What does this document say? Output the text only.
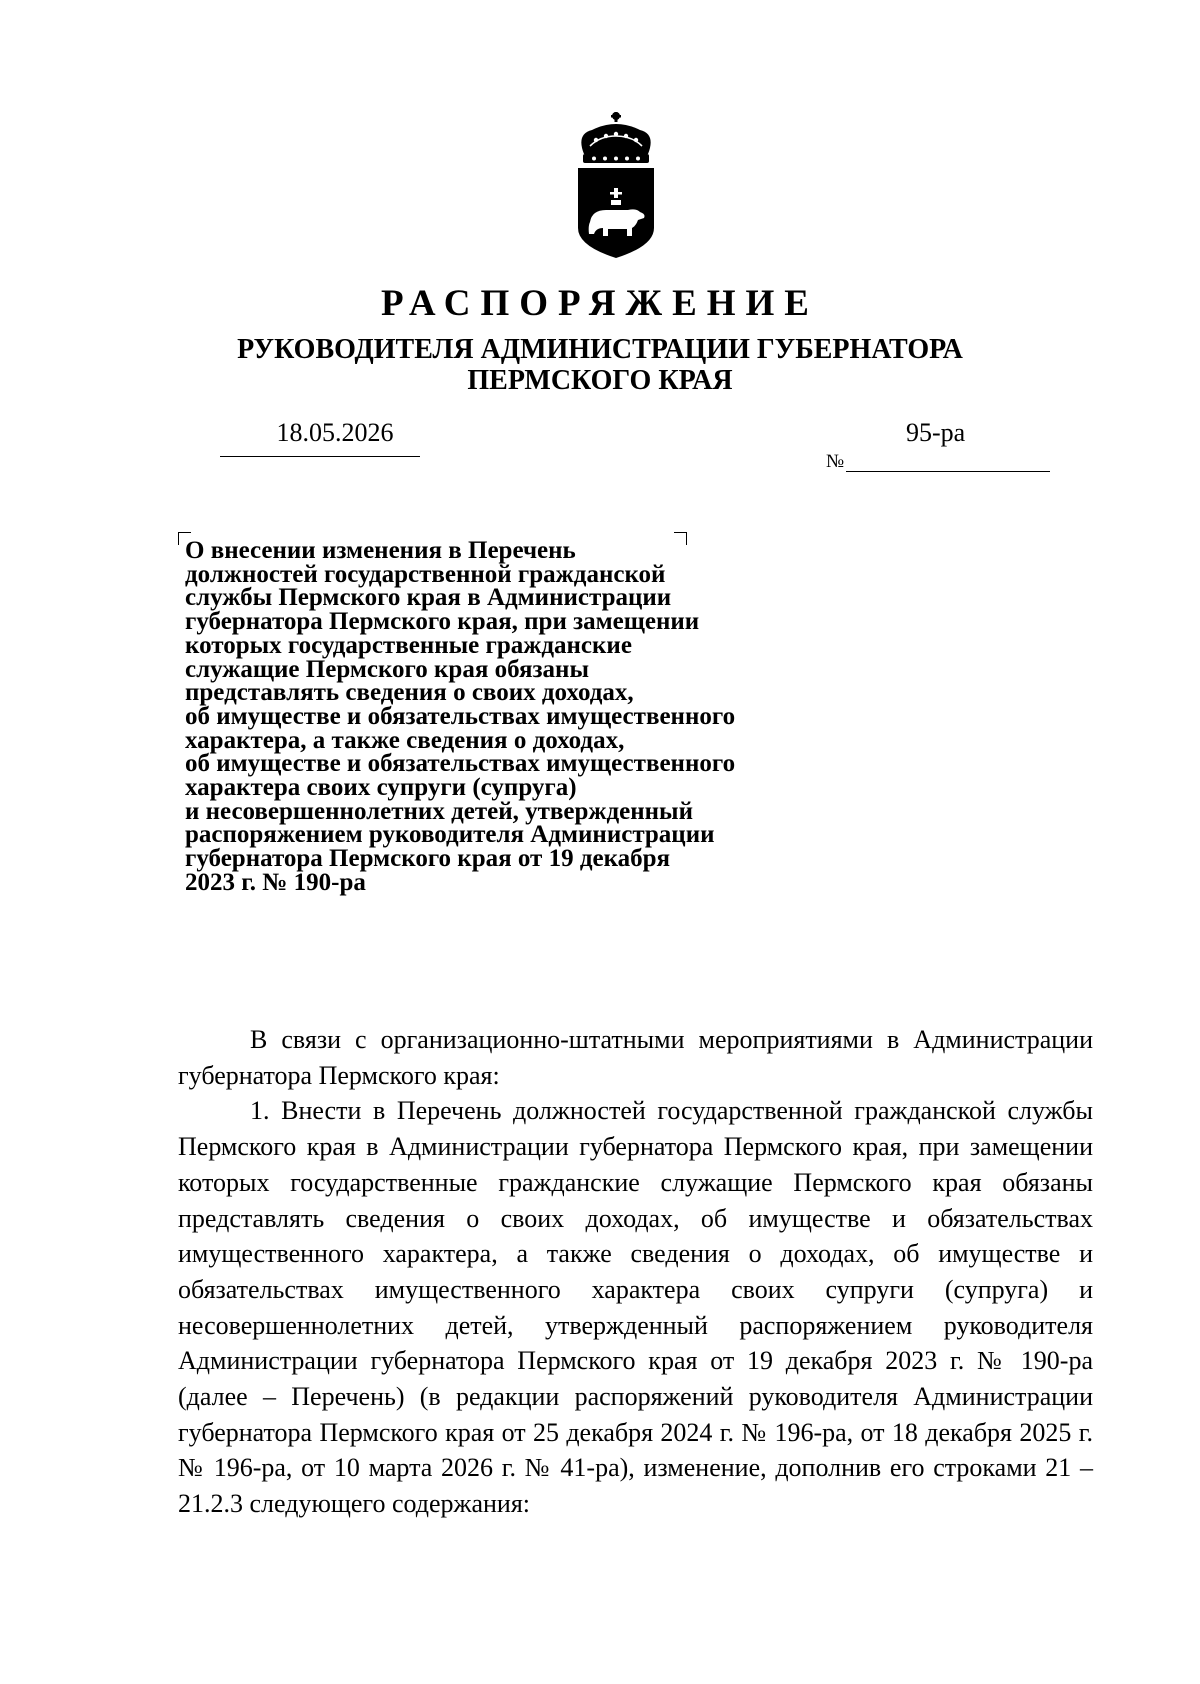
РАСПОРЯЖЕНИЕ
РУКОВОДИТЕЛЯ АДМИНИСТРАЦИИ ГУБЕРНАТОРА
ПЕРМСКОГО КРАЯ
18.05.2026	95-ра
№
О внесении изменения в Перечень
должностей государственной гражданской
службы Пермского края в Администрации
губернатора Пермского края, при замещении
которых государственные гражданские
служащие Пермского края обязаны
представлять сведения о своих доходах,
об имуществе и обязательствах имущественного
характера, а также сведения о доходах,
об имуществе и обязательствах имущественного
характера своих супруги (супруга)
и несовершеннолетних детей, утвержденный
распоряжением руководителя Администрации
губернатора Пермского края от 19 декабря
2023 г. № 190-ра

В связи с организационно-штатными мероприятиями в Администрации губернатора Пермского края:

1. Внести в Перечень должностей государственной гражданской службы Пермского края в Администрации губернатора Пермского края, при замещении которых государственные гражданские служащие Пермского края обязаны представлять сведения о своих доходах, об имуществе и обязательствах имущественного характера, а также сведения о доходах, об имуществе и обязательствах имущественного характера своих супруги (супруга) и несовершеннолетних детей, утвержденный распоряжением руководителя Администрации губернатора Пермского края от 19 декабря 2023 г. № 190-ра (далее – Перечень) (в редакции распоряжений руководителя Администрации губернатора Пермского края от 25 декабря 2024 г. № 196-ра, от 18 декабря 2025 г. № 196-ра, от 10 марта 2026 г. № 41-ра), изменение, дополнив его строками 21 – 21.2.3 следующего содержания:
